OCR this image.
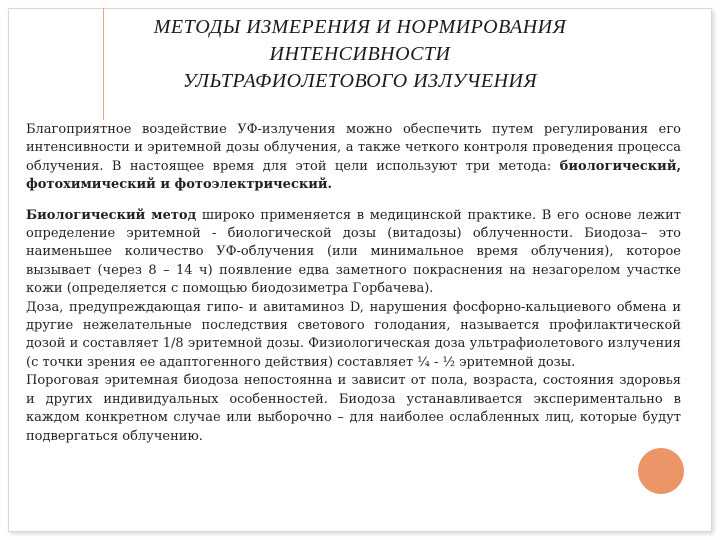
МЕТОДЫ ИЗМЕРЕНИЯ И НОРМИРОВАНИЯ
ИНТЕНСИВНОСТИ
УЛЬТРАФИОЛЕТОВОГО ИЗЛУЧЕНИЯ

Благоприятное воздействие УФ-излучения можно обеспечить путем регулирования его интенсивности и эритемной дозы облучения, а также четкого контроля проведения процесса облучения. В настоящее время для этой цели используют три метода: биологический, фотохимический и фотоэлектрический.

Биологический метод широко применяется в медицинской практике. В его основе лежит определение эритемной - биологической дозы (витадозы) облученности. Биодоза– это наименьшее количество УФ-облучения (или минимальное время облучения), которое вызывает (через 8 – 14 ч) появление едва заметного покраснения на незагорелом участке кожи (определяется с помощью биодозиметра Горбачева).

Доза, предупреждающая гипо- и авитаминоз D, нарушения фосфорно-кальциевого обмена и другие нежелательные последствия светового голодания, называется профилактической дозой и составляет 1/8 эритемной дозы. Физиологическая доза ультрафиолетового излучения (с точки зрения ее адаптогенного действия) составляет ¼ - ½ эритемной дозы.

Пороговая эритемная биодоза непостоянна и зависит от пола, возраста, состояния здоровья и других индивидуальных особенностей. Биодоза устанавливается экспериментально в каждом конкретном случае или выборочно – для наиболее ослабленных лиц, которые будут подвергаться облучению.
